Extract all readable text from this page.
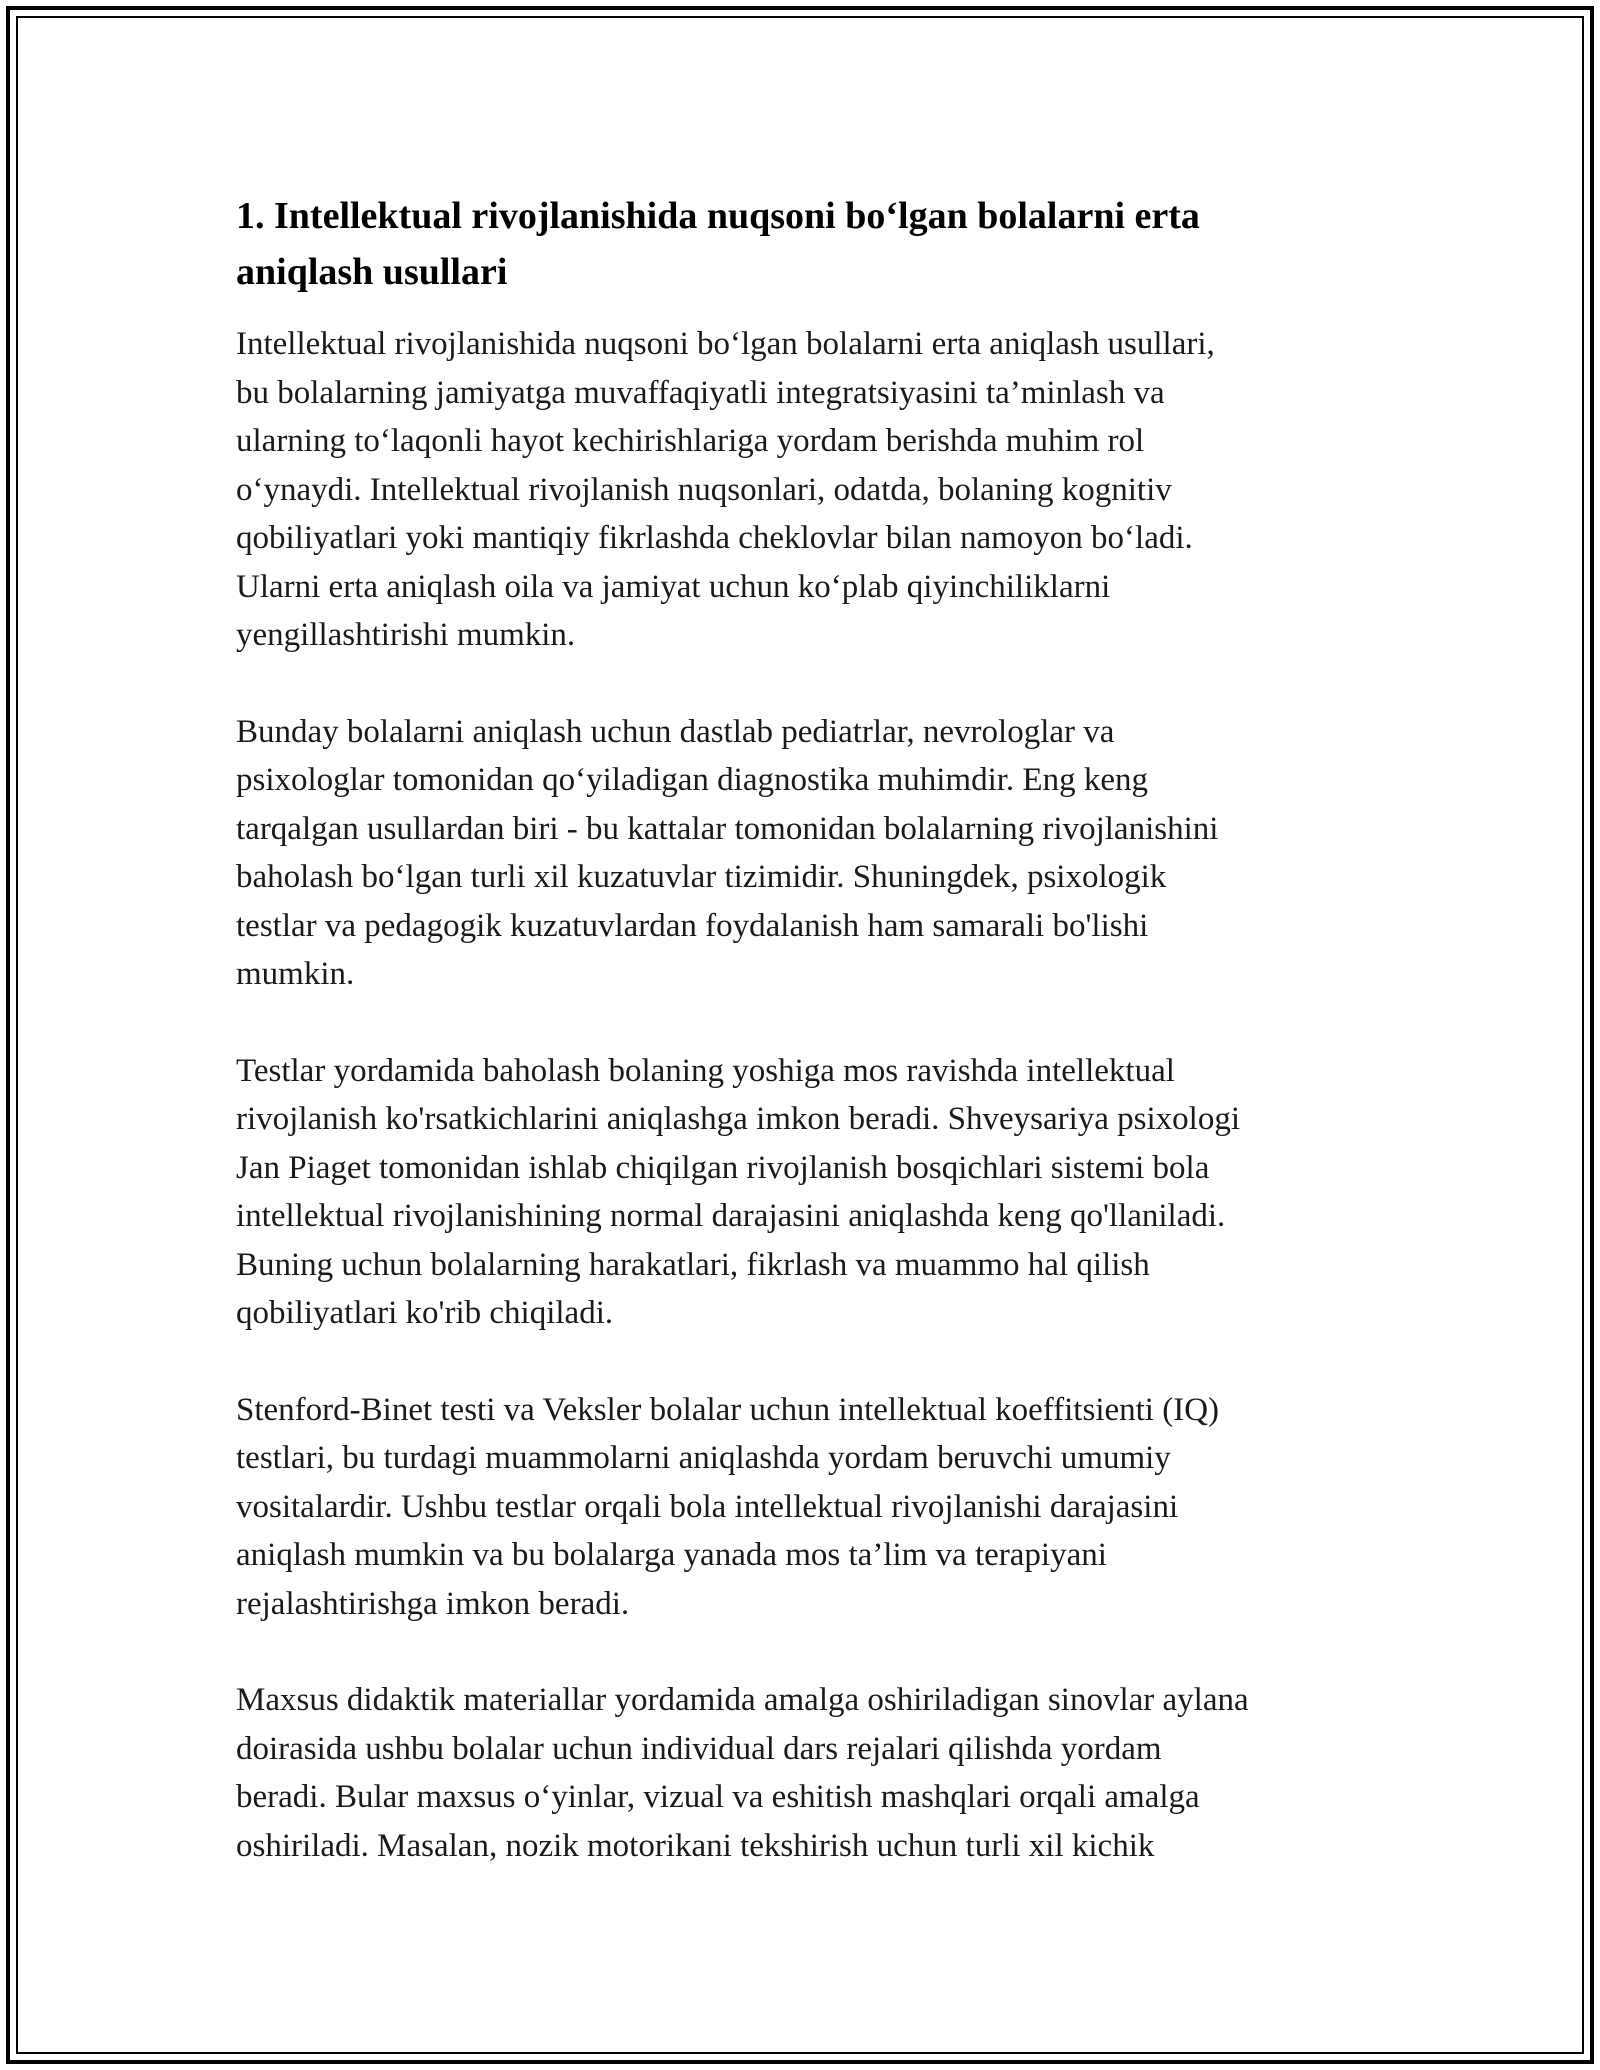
1. Intellektual rivojlanishida nuqsoni bo‘lgan bolalarni erta
aniqlash usullari

Intellektual rivojlanishida nuqsoni bo‘lgan bolalarni erta aniqlash usullari,
bu bolalarning jamiyatga muvaffaqiyatli integratsiyasini ta’minlash va
ularning to‘laqonli hayot kechirishlariga yordam berishda muhim rol
o‘ynaydi. Intellektual rivojlanish nuqsonlari, odatda, bolaning kognitiv
qobiliyatlari yoki mantiqiy fikrlashda cheklovlar bilan namoyon bo‘ladi.
Ularni erta aniqlash oila va jamiyat uchun ko‘plab qiyinchiliklarni
yengillashtirishi mumkin.

Bunday bolalarni aniqlash uchun dastlab pediatrlar, nevrologlar va
psixologlar tomonidan qo‘yiladigan diagnostika muhimdir. Eng keng
tarqalgan usullardan biri - bu kattalar tomonidan bolalarning rivojlanishini
baholash bo‘lgan turli xil kuzatuvlar tizimidir. Shuningdek, psixologik
testlar va pedagogik kuzatuvlardan foydalanish ham samarali bo'lishi
mumkin.

Testlar yordamida baholash bolaning yoshiga mos ravishda intellektual
rivojlanish ko'rsatkichlarini aniqlashga imkon beradi. Shveysariya psixologi
Jan Piaget tomonidan ishlab chiqilgan rivojlanish bosqichlari sistemi bola
intellektual rivojlanishining normal darajasini aniqlashda keng qo'llaniladi.
Buning uchun bolalarning harakatlari, fikrlash va muammo hal qilish
qobiliyatlari ko'rib chiqiladi.

Stenford-Binet testi va Veksler bolalar uchun intellektual koeffitsienti (IQ)
testlari, bu turdagi muammolarni aniqlashda yordam beruvchi umumiy
vositalardir. Ushbu testlar orqali bola intellektual rivojlanishi darajasini
aniqlash mumkin va bu bolalarga yanada mos ta’lim va terapiyani
rejalashtirishga imkon beradi.

Maxsus didaktik materiallar yordamida amalga oshiriladigan sinovlar aylana
doirasida ushbu bolalar uchun individual dars rejalari qilishda yordam
beradi. Bular maxsus o‘yinlar, vizual va eshitish mashqlari orqali amalga
oshiriladi. Masalan, nozik motorikani tekshirish uchun turli xil kichik
